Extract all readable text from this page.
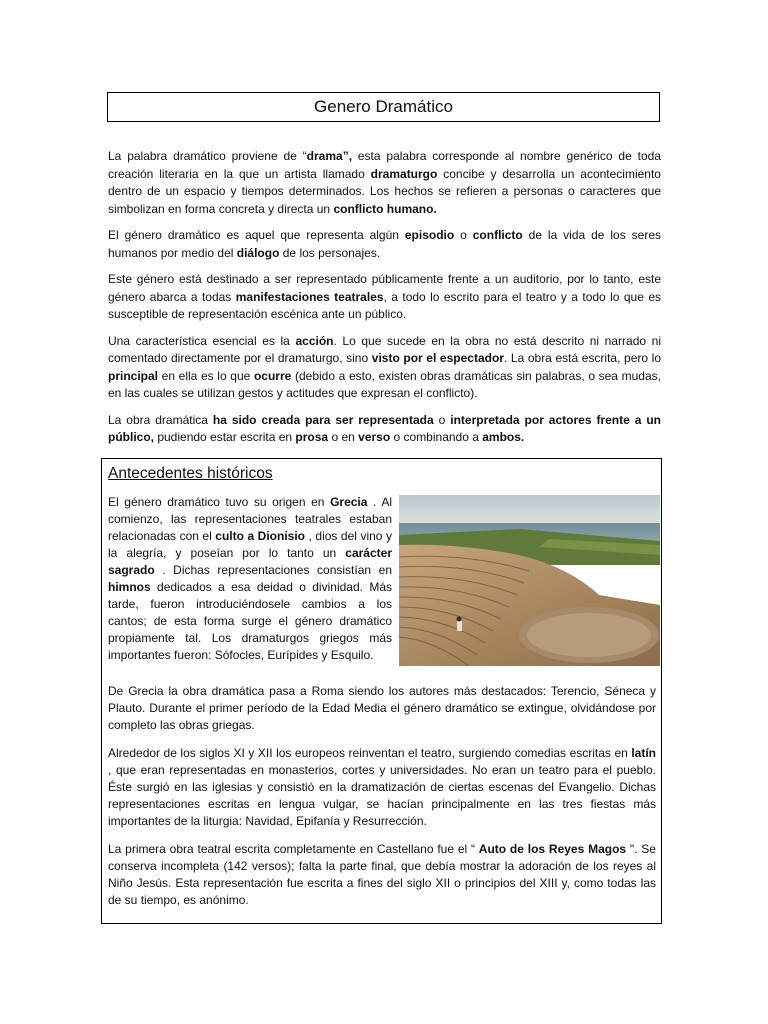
Genero Dramático

La palabra dramático proviene de “drama”, esta palabra corresponde al nombre genérico de toda creación literaria en la que un artista llamado dramaturgo concibe y desarrolla un acontecimiento dentro de un espacio y tiempos determinados. Los hechos se refieren a personas o caracteres que simbolizan en forma concreta y directa un conflicto humano.

El género dramático es aquel que representa algún episodio o conflicto de la vida de los seres humanos por medio del diálogo de los personajes.

Este género está destinado a ser representado públicamente frente a un auditorio, por lo tanto, este género abarca a todas manifestaciones teatrales, a todo lo escrito para el teatro y a todo lo que es susceptible de representación escénica ante un público.

Una característica esencial es la acción. Lo que sucede en la obra no está descrito ni narrado ni comentado directamente por el dramaturgo, sino visto por el espectador. La obra está escrita, pero lo principal en ella es lo que ocurre (debido a esto, existen obras dramáticas sin palabras, o sea mudas, en las cuales se utilizan gestos y actitudes que expresan el conflicto).

La obra dramática ha sido creada para ser representada o interpretada por actores frente a un público, pudiendo estar escrita en prosa o en verso o combinando a ambos.

Antecedentes históricos

El género dramático tuvo su origen en Grecia . Al comienzo, las representaciones teatrales estaban relacionadas con el culto a Dionisio , dios del vino y la alegría, y poseían por lo tanto un carácter sagrado . Dichas representaciones consistían en himnos dedicados a esa deidad o divinidad. Más tarde, fueron introduciéndosele cambios a los cantos; de esta forma surge el género dramático propiamente tal. Los dramaturgos griegos más importantes fueron: Sófocles, Eurípides y Esquilo.

De Grecia la obra dramática pasa a Roma siendo los autores más destacados: Terencio, Séneca y Plauto. Durante el primer período de la Edad Media el género dramático se extingue, olvidándose por completo las obras griegas.

Alrededor de los siglos XI y XII los europeos reinventan el teatro, surgiendo comedias escritas en latín , que eran representadas en monasterios, cortes y universidades. No eran un teatro para el pueblo. Éste surgió en las iglesias y consistió en la dramatización de ciertas escenas del Evangelio. Dichas representaciones escritas en lengua vulgar, se hacían principalmente en las tres fiestas más importantes de la liturgia: Navidad, Epifanía y Resurrección.

La primera obra teatral escrita completamente en Castellano fue el “ Auto de los Reyes Magos ". Se conserva incompleta (142 versos); falta la parte final, que debía mostrar la adoración de los reyes al Niño Jesús. Esta representación fue escrita a fines del siglo XII o principios del XIII y, como todas las de su tiempo, es anónimo.
